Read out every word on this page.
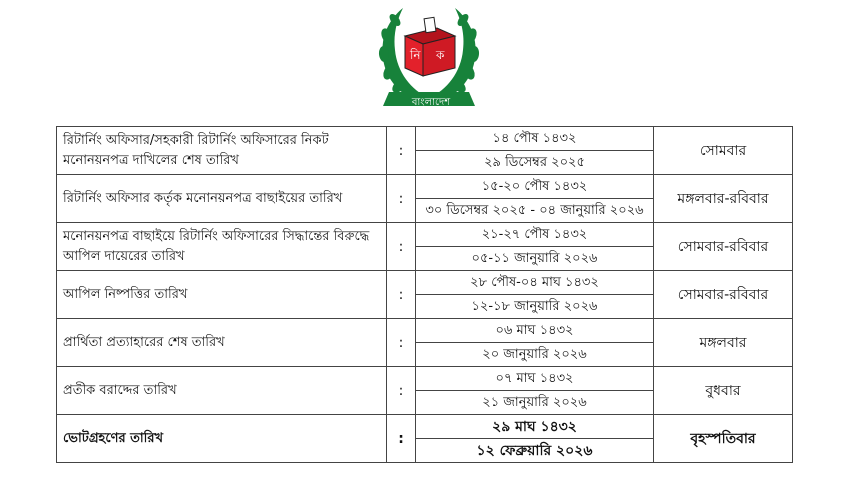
নি ক
বাংলাদেশ
রিটার্নিং অফিসার/সহকারী রিটার্নিং অফিসারের নিকট মনোনয়নপত্র দাখিলের শেষ তারিখ	:	১৪ পৌষ ১৪৩২	সোমবার
		২৯ ডিসেম্বর ২০২৫	
রিটার্নিং অফিসার কর্তৃক মনোনয়নপত্র বাছাইয়ের তারিখ	:	১৫-২০ পৌষ ১৪৩২	মঙ্গলবার-রবিবার
		৩০ ডিসেম্বর ২০২৫ - ০৪ জানুয়ারি ২০২৬	
মনোনয়নপত্র বাছাইয়ে রিটার্নিং অফিসারের সিদ্ধান্তের বিরুদ্ধে আপিল দায়েরের তারিখ	:	২১-২৭ পৌষ ১৪৩২	সোমবার-রবিবার
		০৫-১১ জানুয়ারি ২০২৬	
আপিল নিষ্পত্তির তারিখ	:	২৮ পৌষ-০৪ মাঘ ১৪৩২	সোমবার-রবিবার
		১২-১৮ জানুয়ারি ২০২৬	
প্রার্থিতা প্রত্যাহারের শেষ তারিখ	:	০৬ মাঘ ১৪৩২	মঙ্গলবার
		২০ জানুয়ারি ২০২৬	
প্রতীক বরাদ্দের তারিখ	:	০৭ মাঘ ১৪৩২	বুধবার
		২১ জানুয়ারি ২০২৬	
ভোটগ্রহণের তারিখ	:	২৯ মাঘ ১৪৩২	বৃহস্পতিবার
		১২ ফেব্রুয়ারি ২০২৬	
